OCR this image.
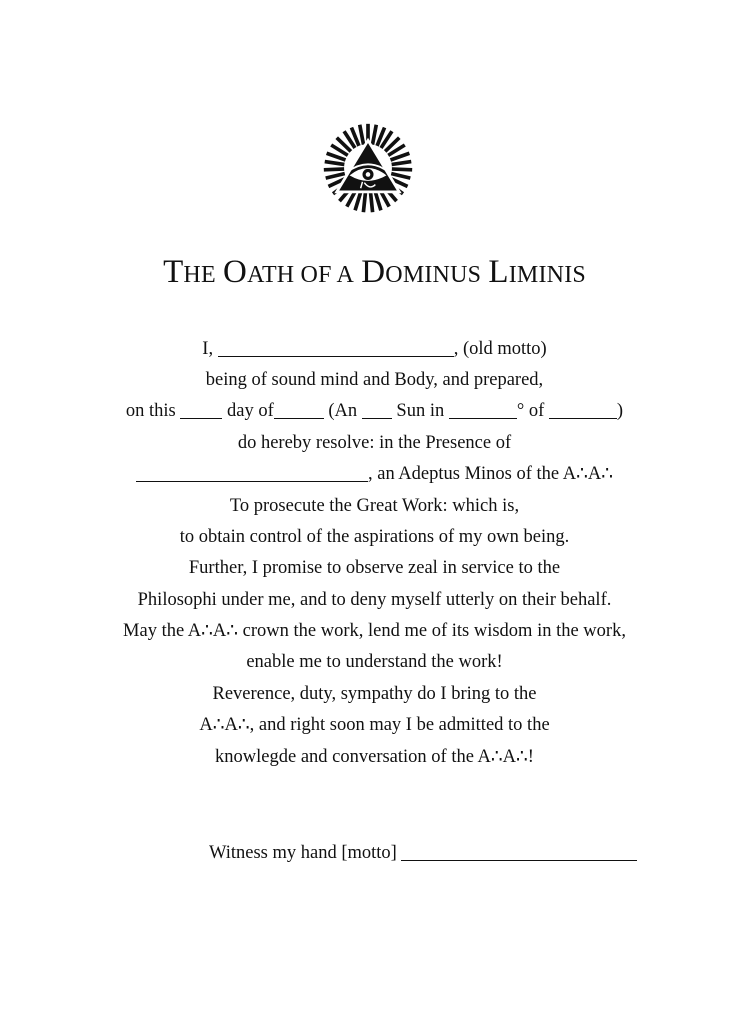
THE OATH OF A DOMINUS LIMINIS
I,	, (old motto)
being of sound mind and Body, and prepared,
on this	day of	(An Sun in	° of	)
do hereby resolve: in the Presence of
, an Adeptus Minos of the A∴A∴
To prosecute the Great Work: which is,
to obtain control of the aspirations of my own being.
Further, I promise to observe zeal in service to the
Philosophi under me, and to deny myself utterly on their behalf.
May the A∴A∴ crown the work, lend me of its wisdom in the work,
enable me to understand the work!
Reverence, duty, sympathy do I bring to the
A∴A∴, and right soon may I be admitted to the
knowlegde and conversation of the A∴A∴!
Witness my hand [motto]
